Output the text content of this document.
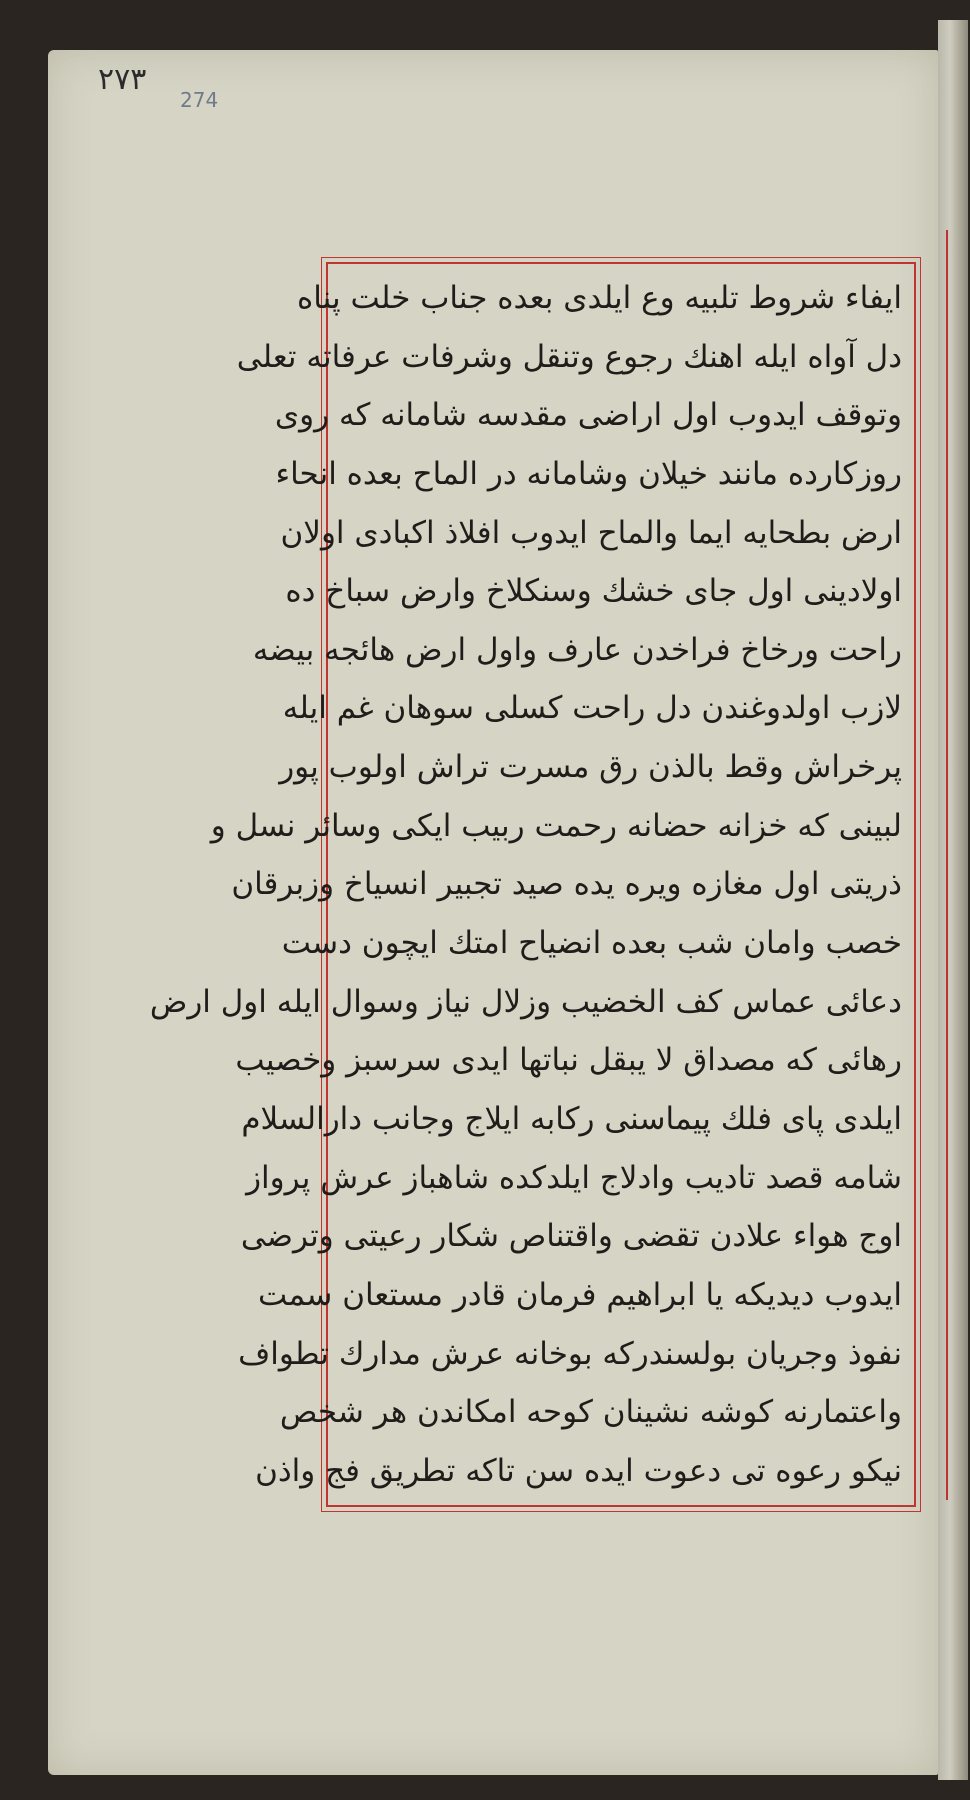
٢٧٣
274
ایفاء شروط تلبیه وع ایلدی بعده جناب خلت پناه
دل آواه ایله اهنك رجوع وتنقل وشرفات عرفاته تعلی
وتوقف ایدوب اول اراضی مقدسه شامانه که روی
روزکارده مانند خیلان وشامانه در الماح بعده انحاء
ارض بطحایه ایما والماح ایدوب افلاذ اکبادی اولان
اولادینی اول جای خشك وسنکلاخ وارض سباخ ده
راحت ورخاخ فراخدن عارف واول ارض هائجه بیضه
لازب اولدوغندن دل راحت کسلی سوهان غم ایله
پرخراش وقط بالذن رق مسرت تراش اولوب پور
لبینی که خزانه حضانه رحمت ربیب ایکی وسائر نسل و
ذریتی اول مغازه ویره یده صید تجبیر انسیاخ وزبرقان
خصب وامان شب بعده انضیاح امتك ایچون دست
دعائی عماس کف الخضیب وزلال نیاز وسوال ایله اول ارض
رهائی که مصداق لا یبقل نباتها ایدی سرسبز وخصیب
ایلدی پای فلك پیماسنی رکابه ایلاج وجانب دارالسلام
شامه قصد تادیب وادلاج ایلدکده شاهباز عرش پرواز
اوج هواء علادن تقضی واقتناص شکار رعیتی وترضی
ایدوب دیدیکه یا ابراهیم فرمان قادر مستعان سمت
نفوذ وجریان بولسندرکه بوخانه عرش مدارك تطواف
واعتمارنه کوشه نشینان کوحه امکاندن هر شخص
نیکو رعوه تی دعوت ایده سن تاکه تطریق فج واذن
